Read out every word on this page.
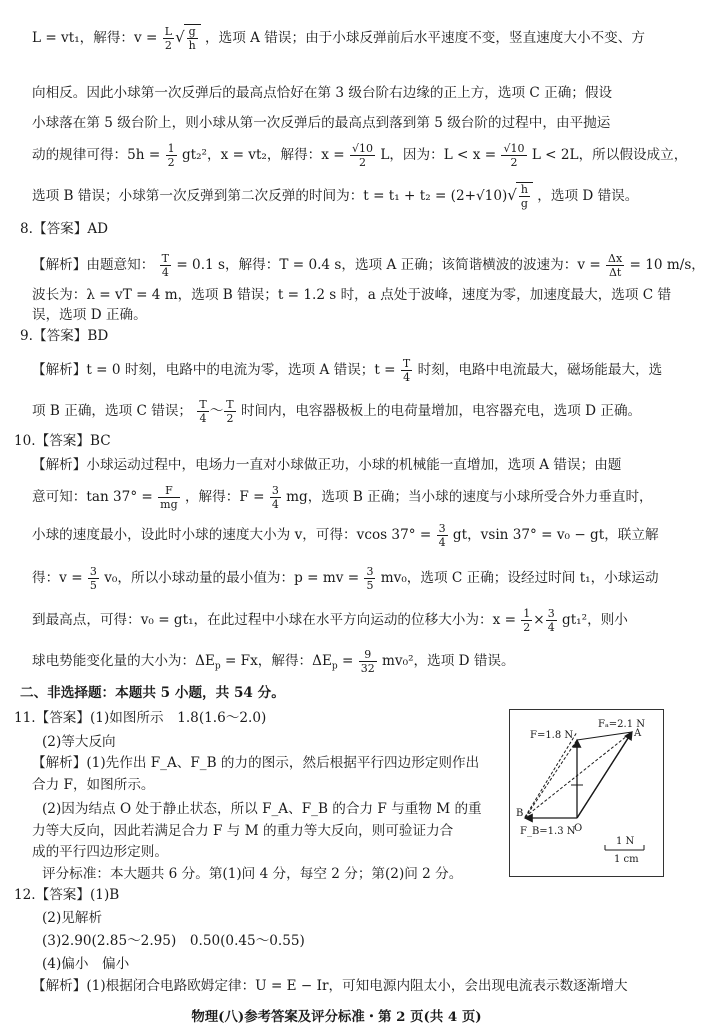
L = vt₁，解得：$v = \frac{L}{2}$ √ $\frac{g}{h}$ ，选项 A 错误；由于小球反弹前后水平速度不变，竖直速度大小不变、方
向相反。因此小球第一次反弹后的最高点恰好在第 3 级台阶右边缘的正上方，选项 C 正确；假设
小球落在第 5 级台阶上，则小球从第一次反弹后的最高点到落到第 5 级台阶的过程中，由平抛运
动的规律可得：$5h = \frac{1}{2} gt_2^2$，x = vt₂，解得：$x = \frac{√10}{2}$ L，因为：$L < x = \frac{√10}{2}$ L < 2L，所以假设成立，
选项 B 错误；小球第一次反弹到第二次反弹的时间为：$t = t_1 + t_2 = (2+√10)√ \frac{h}{g}$ ，选项 D 错误。
8.【答案】AD
【解析】由题意知： $\frac{T}{4} = 0.1$ s，解得：T = 0.4 s，选项 A 正确；该简谐横波的波速为：$v = \frac{\Delta x}{\Delta t} = 10$ m/s，
波长为：λ = vT = 4 m，选项 B 错误；t = 1.2 s 时，a 点处于波峰，速度为零，加速度最大，选项 C 错
误，选项 D 正确。
9.【答案】BD
【解析】t = 0 时刻，电路中的电流为零，选项 A 错误；$t = \frac{T}{4}$ 时刻，电路中电流最大，磁场能最大，选
项 B 正确，选项 C 错误； $\frac{T}{4}$ ～ $\frac{T}{2}$ 时间内，电容器极板上的电荷量增加，电容器充电，选项 D 正确。
10.【答案】BC
【解析】小球运动过程中，电场力一直对小球做正功，小球的机械能一直增加，选项 A 错误；由题
意可知：$\tan 37^\circ = \frac{F}{mg}$ ，解得：$F = \frac{3}{4}$ mg，选项 B 正确；当小球的速度与小球所受合外力垂直时，
小球的速度最小，设此时小球的速度大小为 v，可得：vcos $37^\circ = \frac{3}{4}$ gt，vsin 37° = v₀ − gt，联立解
得：$v = \frac{3}{5} v_0$，所以小球动量的最小值为：p = mv = $\frac{3}{5} mv_0$，选项 C 正确；设经过时间 t₁，小球运动
到最高点，可得：v₀ = gt₁，在此过程中小球在水平方向运动的位移大小为：$x = \frac{1}{2} \times \frac{3}{4} gt_1^2$，则小
球电势能变化量的大小为：$\Delta E_p = Fx$，解得：$\Delta E_p = \frac{9}{32} mv_0^2$，选项 D 错误。
二、非选择题：本题共 5 小题，共 54 分。
11.【答案】(1)如图所示　1.8(1.6～2.0)
(2)等大反向
【解析】(1)先作出 F_A、F_B 的力的图示，然后根据平行四边形定则作出
合力 F，如图所示。
(2)因为结点 O 处于静止状态，所以 F_A、F_B 的合力 F 与重物 M 的重
力等大反向，因此若满足合力 F 与 M 的重力等大反向，则可验证力合
成的平行四边形定则。
评分标准：本大题共 6 分。第(1)问 4 分，每空 2 分；第(2)问 2 分。
Fₐ=2.1 N
F=1.8 N	A
B
O
F_B=1.3 N
1 N
1 cm
12.【答案】(1)B
(2)见解析
(3)2.90(2.85～2.95)　0.50(0.45～0.55)
(4)偏小　偏小
【解析】(1)根据闭合电路欧姆定律：U = E − Ir，可知电源内阻太小，会出现电流表示数逐渐增大
物理(八)参考答案及评分标准・第 2 页(共 4 页)
